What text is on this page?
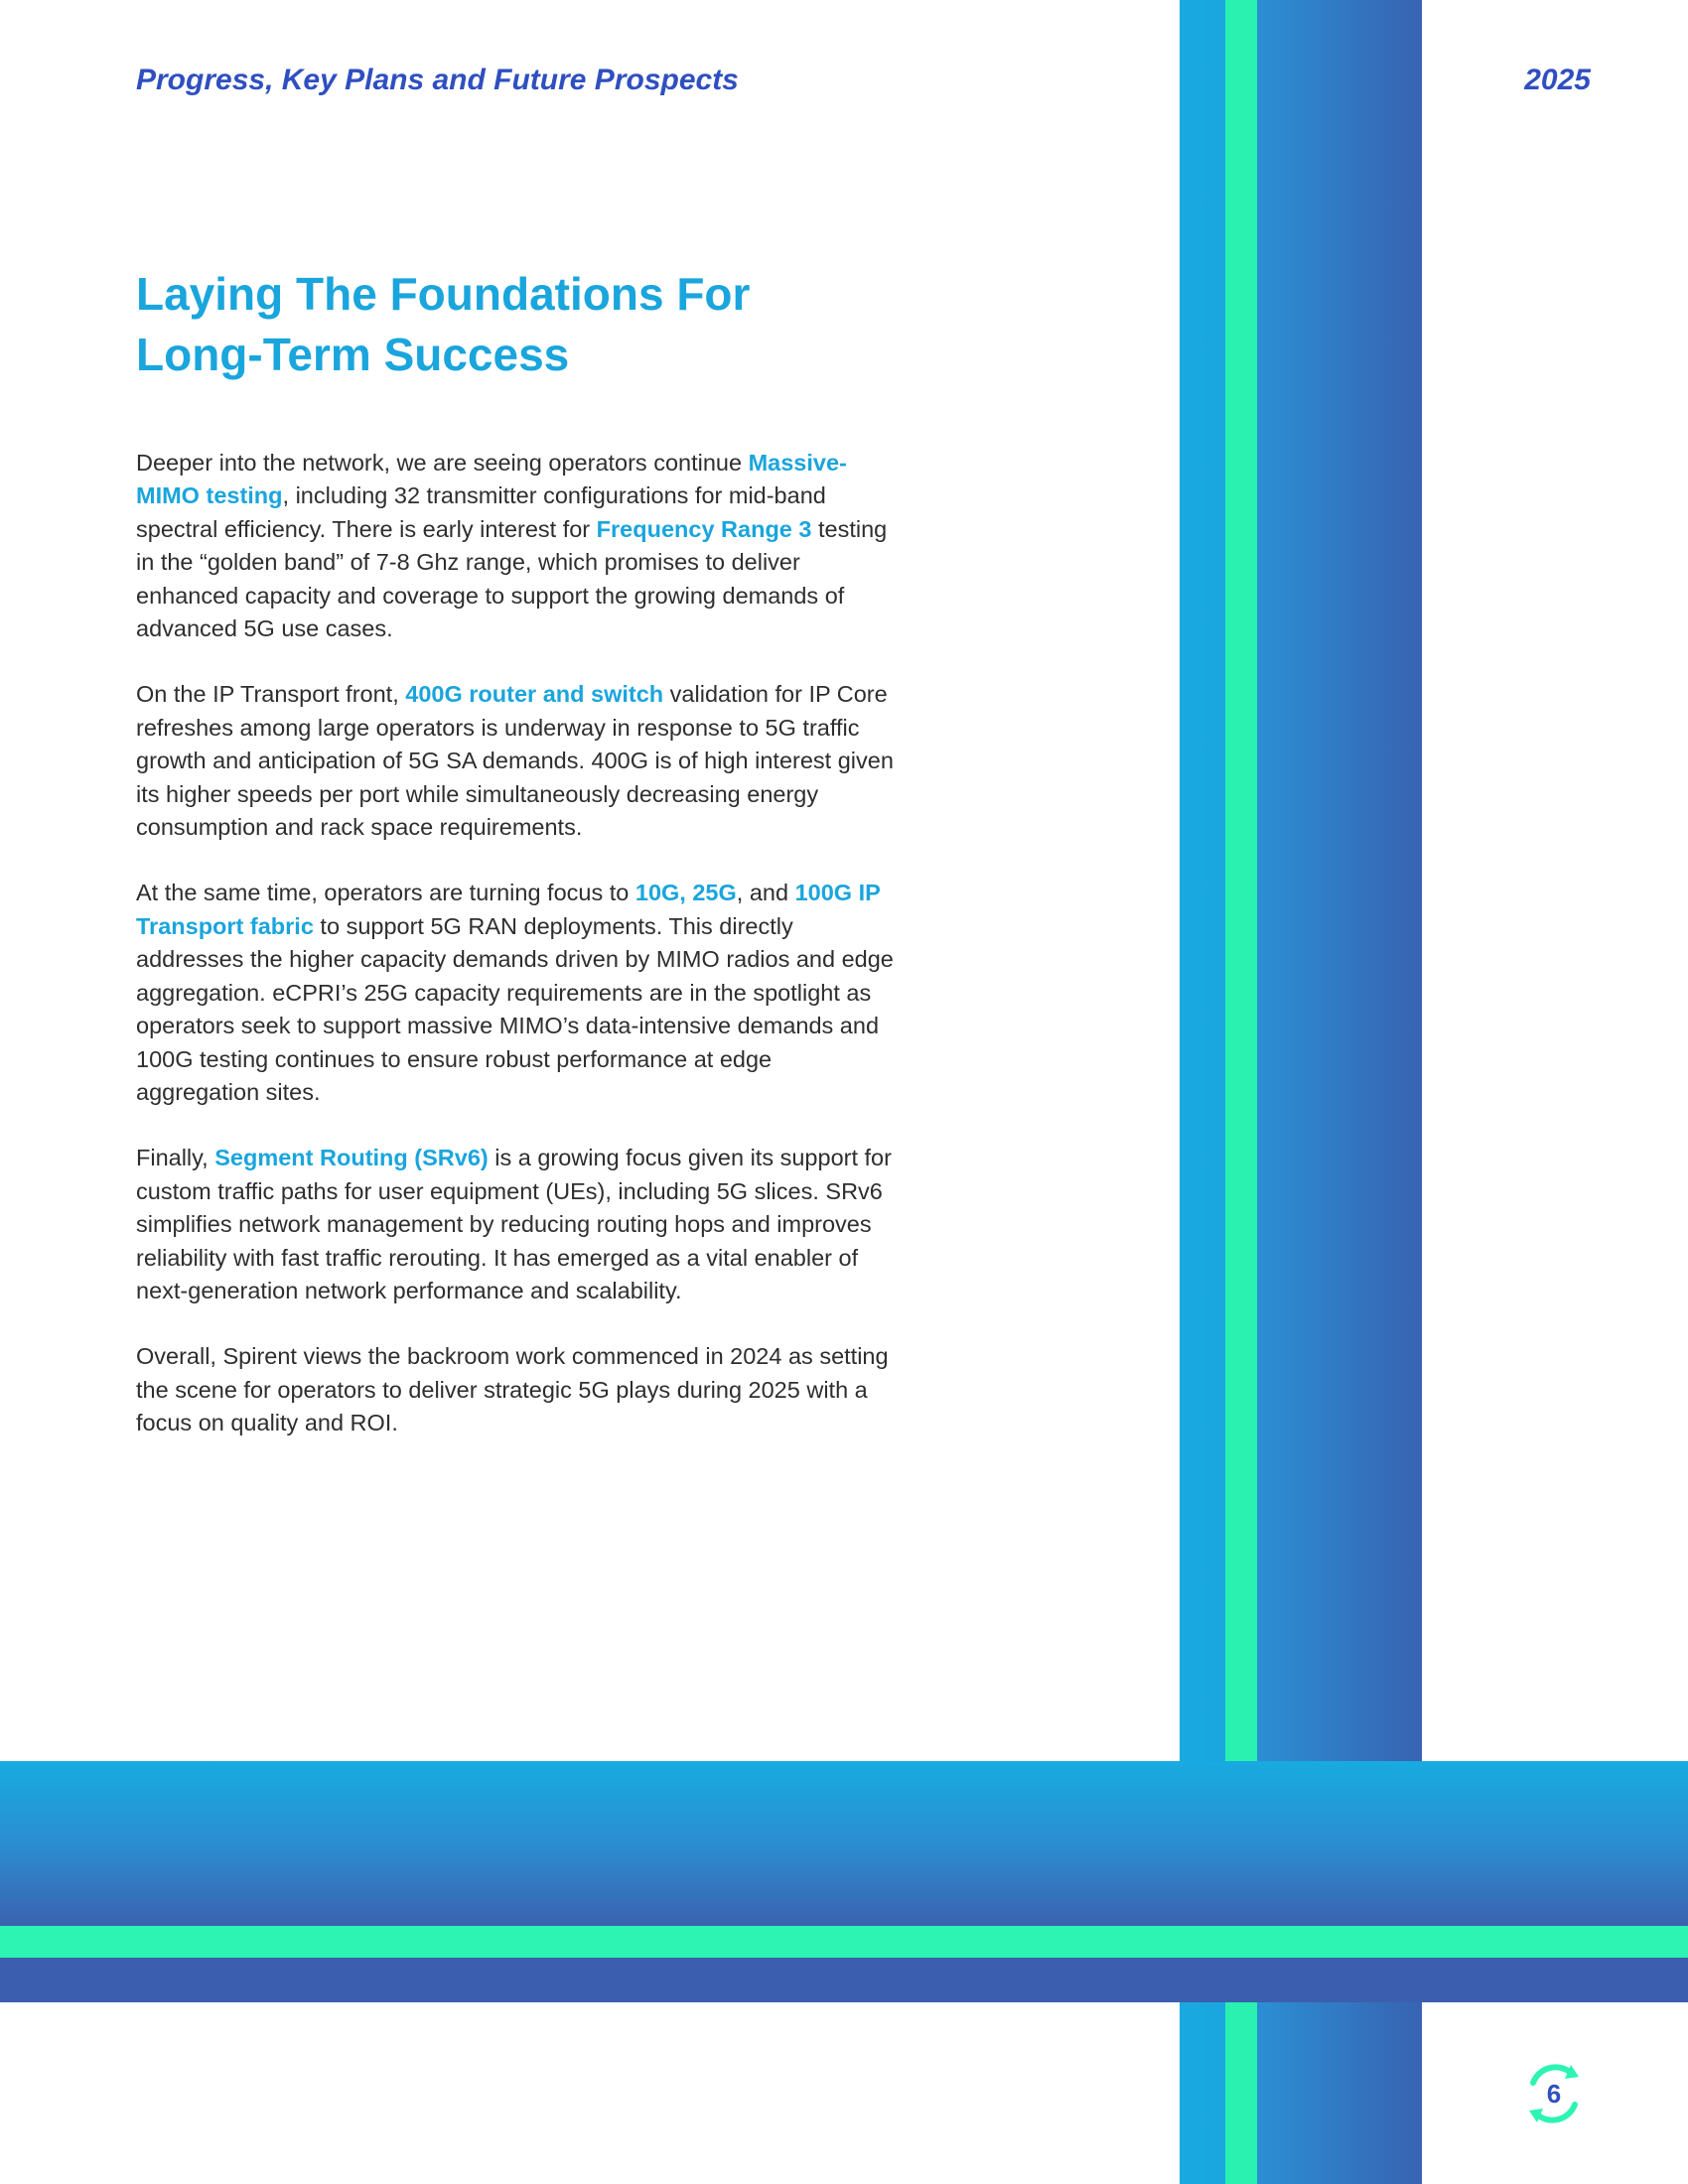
Progress, Key Plans and Future Prospects	2025
Laying The Foundations For
Long-Term Success

Deeper into the network, we are seeing operators continue Massive-MIMO testing, including 32 transmitter configurations for mid-band spectral efficiency. There is early interest for Frequency Range 3 testing in the “golden band” of 7-8 Ghz range, which promises to deliver enhanced capacity and coverage to support the growing demands of advanced 5G use cases.

On the IP Transport front, 400G router and switch validation for IP Core refreshes among large operators is underway in response to 5G traffic growth and anticipation of 5G SA demands. 400G is of high interest given its higher speeds per port while simultaneously decreasing energy consumption and rack space requirements.

At the same time, operators are turning focus to 10G, 25G, and 100G IP Transport fabric to support 5G RAN deployments. This directly addresses the higher capacity demands driven by MIMO radios and edge aggregation. eCPRI’s 25G capacity requirements are in the spotlight as operators seek to support massive MIMO’s data-intensive demands and 100G testing continues to ensure robust performance at edge aggregation sites.

Finally, Segment Routing (SRv6) is a growing focus given its support for custom traffic paths for user equipment (UEs), including 5G slices. SRv6 simplifies network management by reducing routing hops and improves reliability with fast traffic rerouting. It has emerged as a vital enabler of next-generation network performance and scalability.

Overall, Spirent views the backroom work commenced in 2024 as setting the scene for operators to deliver strategic 5G plays during 2025 with a focus on quality and ROI.

6
